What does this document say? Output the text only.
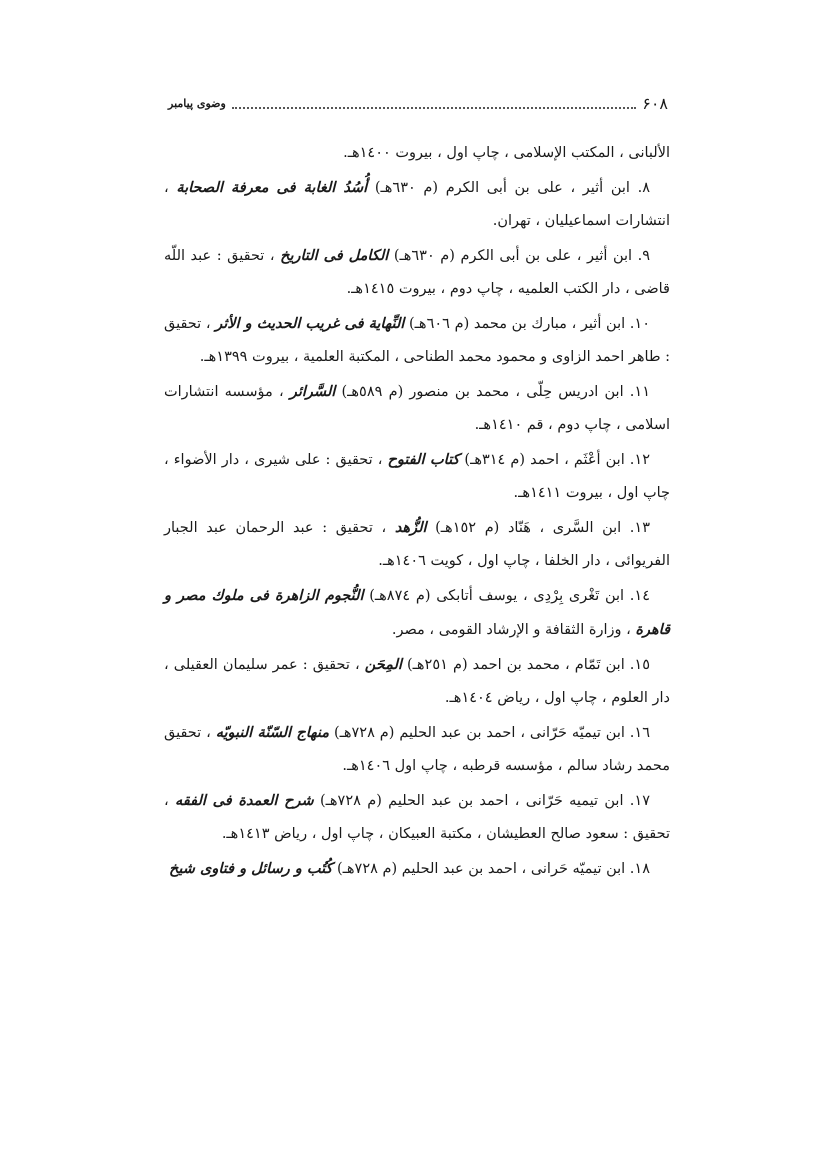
۶۰۸
وضوی پیامبر

الألبانی ، المكتب الإسلامی ، چاپ اول ، بیروت ١٤٠٠هـ.

٨. ابن أثیر ، علی بن أبی الكرم (م ٦٣٠هـ) أُسُدُ الغابة فی معرفة الصحابة ، انتشارات اسماعیلیان ، تهران.

٩. ابن أثیر ، علی بن أبی الكرم (م ٦٣٠هـ) الكامل فی التاریخ ، تحقیق : عبد اللّه قاضی ، دار الكتب العلمیه ، چاپ دوم ، بیروت ١٤١٥هـ.

١٠. ابن أثیر ، مبارك بن محمد (م ٦٠٦هـ) النِّهایة فی غریب الحدیث و الأثر ، تحقیق : طاهر احمد الزاوی و محمود محمد الطناحی ، المكتبة العلمیة ، بیروت ١٣٩٩هـ.

١١. ابن ادریس حِلّی ، محمد بن منصور (م ٥٨٩هـ) السَّرائر ، مؤسسه انتشارات اسلامی ، چاپ دوم ، قم ١٤١٠هـ.

١٢. ابن أعْثَم ، احمد (م ٣١٤هـ) كتاب الفتوح ، تحقیق : علی شیری ، دار الأضواء ، چاپ اول ، بیروت ١٤١١هـ.

١٣. ابن السَّری ، هَنّاد (م ١٥٢هـ) الزُّهد ، تحقیق : عبد الرحمان عبد الجبار الفریوائی ، دار الخلفا ، چاپ اول ، كویت ١٤٠٦هـ.

١٤. ابن تَغْری بِرْدِی ، یوسف أتابكی (م ٨٧٤هـ) النُّجوم الزاهرة فی ملوك مصر و قاهرة ، وزارة الثقافة و الإرشاد القومی ، مصر.

١٥. ابن تَمّام ، محمد بن احمد (م ٢٥١هـ) المِحَن ، تحقیق : عمر سلیمان العقیلی ، دار العلوم ، چاپ اول ، ریاض ١٤٠٤هـ.

١٦. ابن تیمیّه حَرّانی ، احمد بن عبد الحلیم (م ٧٢٨هـ) منهاج السّنّة النبویّه ، تحقیق محمد رشاد سالم ، مؤسسه قرطبه ، چاپ اول ١٤٠٦هـ.

١٧. ابن تیمیه حَرّانی ، احمد بن عبد الحلیم (م ٧٢٨هـ) شرح العمدة فی الفقه ، تحقیق : سعود صالح العطیشان ، مكتبة العبیكان ، چاپ اول ، ریاض ١٤١٣هـ.

١٨. ابن تیمیّه حَرانی ، احمد بن عبد الحلیم (م ٧٢٨هـ) كُتُب و رسائل و فتاوی شیخ
